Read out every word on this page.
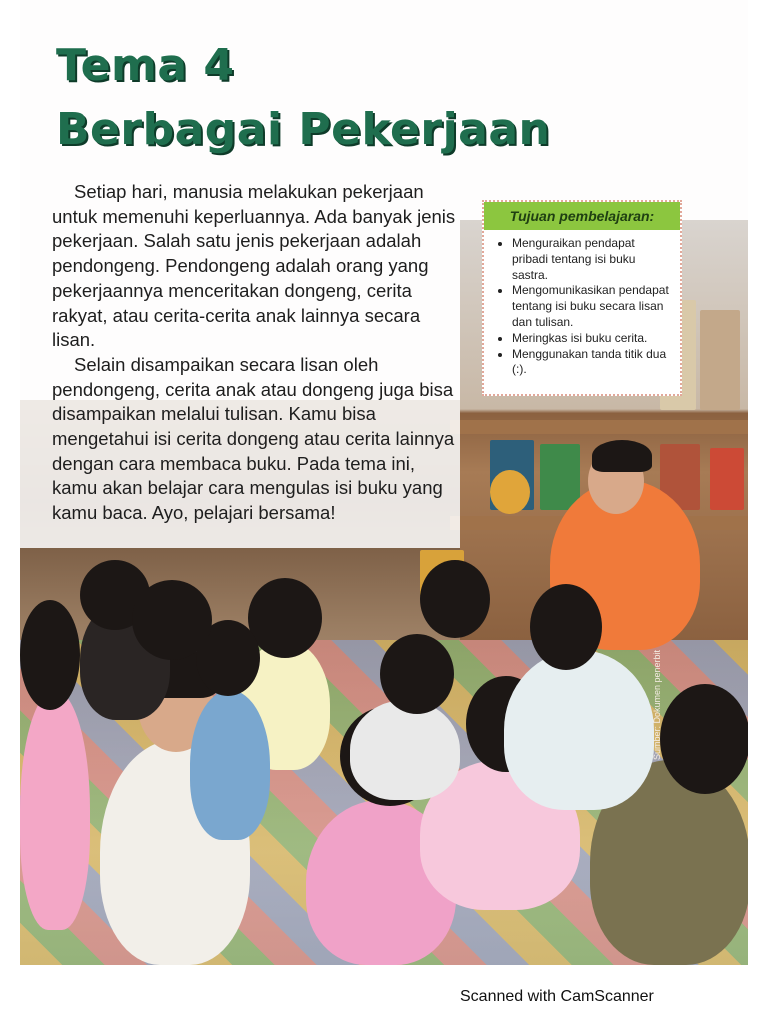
Tema 4
Berbagai Pekerjaan

Setiap hari, manusia melakukan pekerjaan untuk memenuhi keperluannya. Ada banyak jenis pekerjaan. Salah satu jenis pekerjaan adalah pendongeng. Pendongeng adalah orang yang pekerjaannya menceritakan dongeng, cerita rakyat, atau cerita-cerita anak lainnya secara lisan.

Selain disampaikan secara lisan oleh pendongeng, cerita anak atau dongeng juga bisa disampaikan melalui tulisan. Kamu bisa mengetahui isi cerita dongeng atau cerita lainnya dengan cara membaca buku. Pada tema ini, kamu akan belajar cara mengulas isi buku yang kamu baca. Ayo, pelajari bersama!

Tujuan pembelajaran:
• Menguraikan pendapat pribadi tentang isi buku sastra.
• Mengomunikasikan pendapat tentang isi buku secara lisan dan tulisan.
• Meringkas isi buku cerita.
• Menggunakan tanda titik dua (:).
Sumber: Dokumen penerbit
Scanned with CamScanner
